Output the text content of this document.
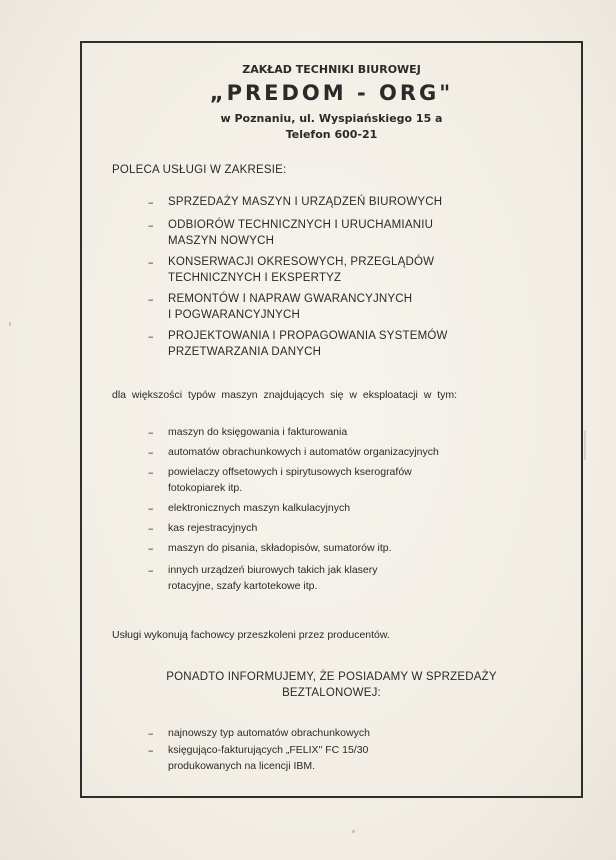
ZAKŁAD TECHNIKI BIUROWEJ
„PREDOM - ORG"
w Poznaniu, ul. Wyspiańskiego 15 a
Telefon 600-21
POLECA USŁUGI W ZAKRESIE:
– SPRZEDAŻY MASZYN I URZĄDZEŃ BIUROWYCH
– ODBIORÓW TECHNICZNYCH I URUCHAMIANIU
MASZYN NOWYCH
– KONSERWACJI OKRESOWYCH, PRZEGLĄDÓW
TECHNICZNYCH I EKSPERTYZ
– REMONTÓW I NAPRAW GWARANCYJNYCH
I POGWARANCYJNYCH
– PROJEKTOWANIA I PROPAGOWANIA SYSTEMÓW
PRZETWARZANIA DANYCH
dla większości typów maszyn znajdujących się w eksploatacji w tym:
– maszyn do księgowania i fakturowania
– automatów obrachunkowych i automatów organizacyjnych
– powielaczy offsetowych i spirytusowych kserografów
fotokopiarek itp.
– elektronicznych maszyn kalkulacyjnych
– kas rejestracyjnych
– maszyn do pisania, składopisów, sumatorów itp.
– innych urządzeń biurowych takich jak klasery
rotacyjne, szafy kartotekowe itp.
Usługi wykonują fachowcy przeszkoleni przez producentów.
PONADTO INFORMUJEMY, ŻE POSIADAMY W SPRZEDAŻY
BEZTALONOWEJ:
– najnowszy typ automatów obrachunkowych
– księgująco-fakturujących „FELIX" FC 15/30
produkowanych na licencji IBM.
